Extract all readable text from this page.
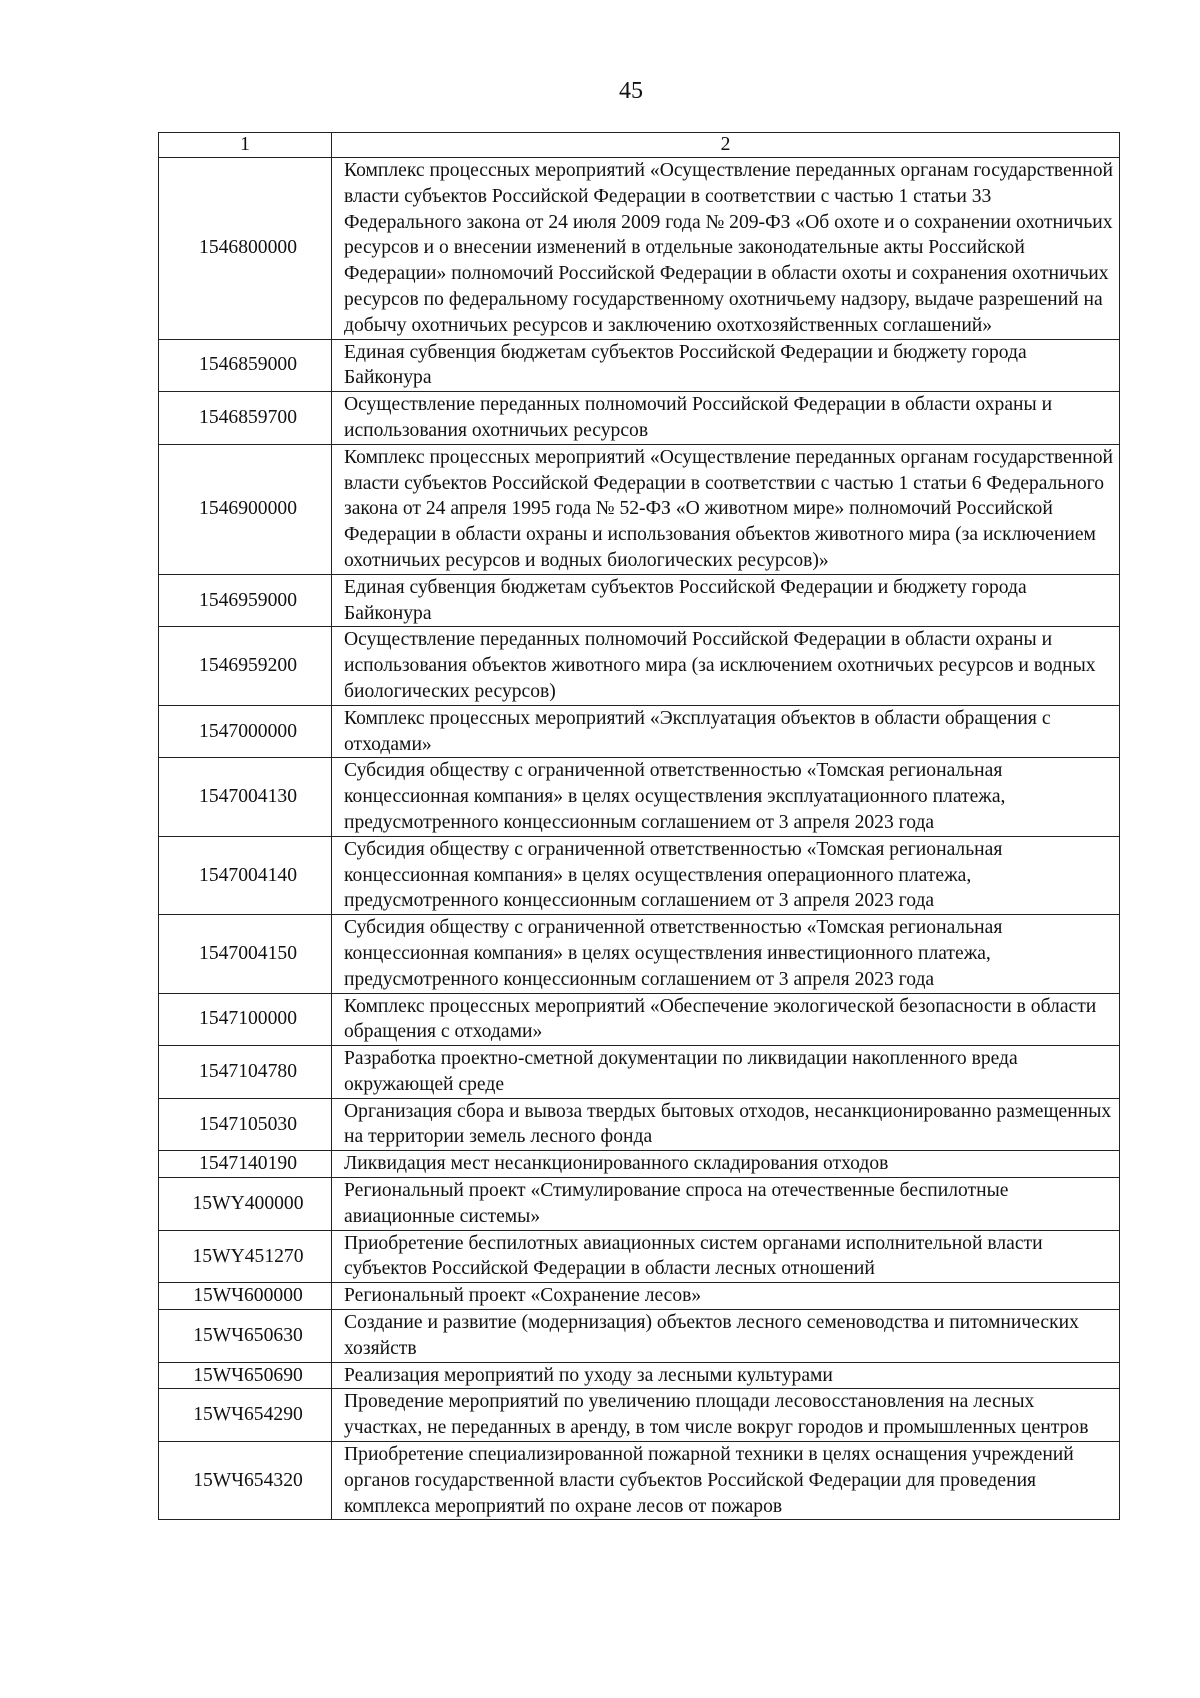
45
1	2
1546800000	Комплекс процессных мероприятий «Осуществление переданных органам государственной власти субъектов Российской Федерации в соответствии с частью 1 статьи 33 Федерального закона от 24 июля 2009 года № 209-ФЗ «Об охоте и о сохранении охотничьих ресурсов и о внесении изменений в отдельные законодательные акты Российской Федерации» полномочий Российской Федерации в области охоты и сохранения охотничьих ресурсов по федеральному государственному охотничьему надзору, выдаче разрешений на добычу охотничьих ресурсов и заключению охотхозяйственных соглашений»
1546859000	Единая субвенция бюджетам субъектов Российской Федерации и бюджету города Байконура
1546859700	Осуществление переданных полномочий Российской Федерации в области охраны и использования охотничьих ресурсов
1546900000	Комплекс процессных мероприятий «Осуществление переданных органам государственной власти субъектов Российской Федерации в соответствии с частью 1 статьи 6 Федерального закона от 24 апреля 1995 года № 52-ФЗ «О животном мире» полномочий Российской Федерации в области охраны и использования объектов животного мира (за исключением охотничьих ресурсов и водных биологических ресурсов)»
1546959000	Единая субвенция бюджетам субъектов Российской Федерации и бюджету города Байконура
1546959200	Осуществление переданных полномочий Российской Федерации в области охраны и использования объектов животного мира (за исключением охотничьих ресурсов и водных биологических ресурсов)
1547000000	Комплекс процессных мероприятий «Эксплуатация объектов в области обращения с отходами»
1547004130	Субсидия обществу с ограниченной ответственностью «Томская региональная концессионная компания» в целях осуществления эксплуатационного платежа, предусмотренного концессионным соглашением от 3 апреля 2023 года
1547004140	Субсидия обществу с ограниченной ответственностью «Томская региональная концессионная компания» в целях осуществления операционного платежа, предусмотренного концессионным соглашением от 3 апреля 2023 года
1547004150	Субсидия обществу с ограниченной ответственностью «Томская региональная концессионная компания» в целях осуществления инвестиционного платежа, предусмотренного концессионным соглашением от 3 апреля 2023 года
1547100000	Комплекс процессных мероприятий «Обеспечение экологической безопасности в области обращения с отходами»
1547104780	Разработка проектно-сметной документации по ликвидации накопленного вреда окружающей среде
1547105030	Организация сбора и вывоза твердых бытовых отходов, несанкционированно размещенных на территории земель лесного фонда
1547140190	Ликвидация мест несанкционированного складирования отходов
15WY400000	Региональный проект «Стимулирование спроса на отечественные беспилотные авиационные системы»
15WY451270	Приобретение беспилотных авиационных систем органами исполнительной власти субъектов Российской Федерации в области лесных отношений
15WЧ600000	Региональный проект «Сохранение лесов»
15WЧ650630	Создание и развитие (модернизация) объектов лесного семеноводства и питомнических хозяйств
15WЧ650690	Реализация мероприятий по уходу за лесными культурами
15WЧ654290	Проведение мероприятий по увеличению площади лесовосстановления на лесных участках, не переданных в аренду, в том числе вокруг городов и промышленных центров
15WЧ654320	Приобретение специализированной пожарной техники в целях оснащения учреждений органов государственной власти субъектов Российской Федерации для проведения комплекса мероприятий по охране лесов от пожаров
